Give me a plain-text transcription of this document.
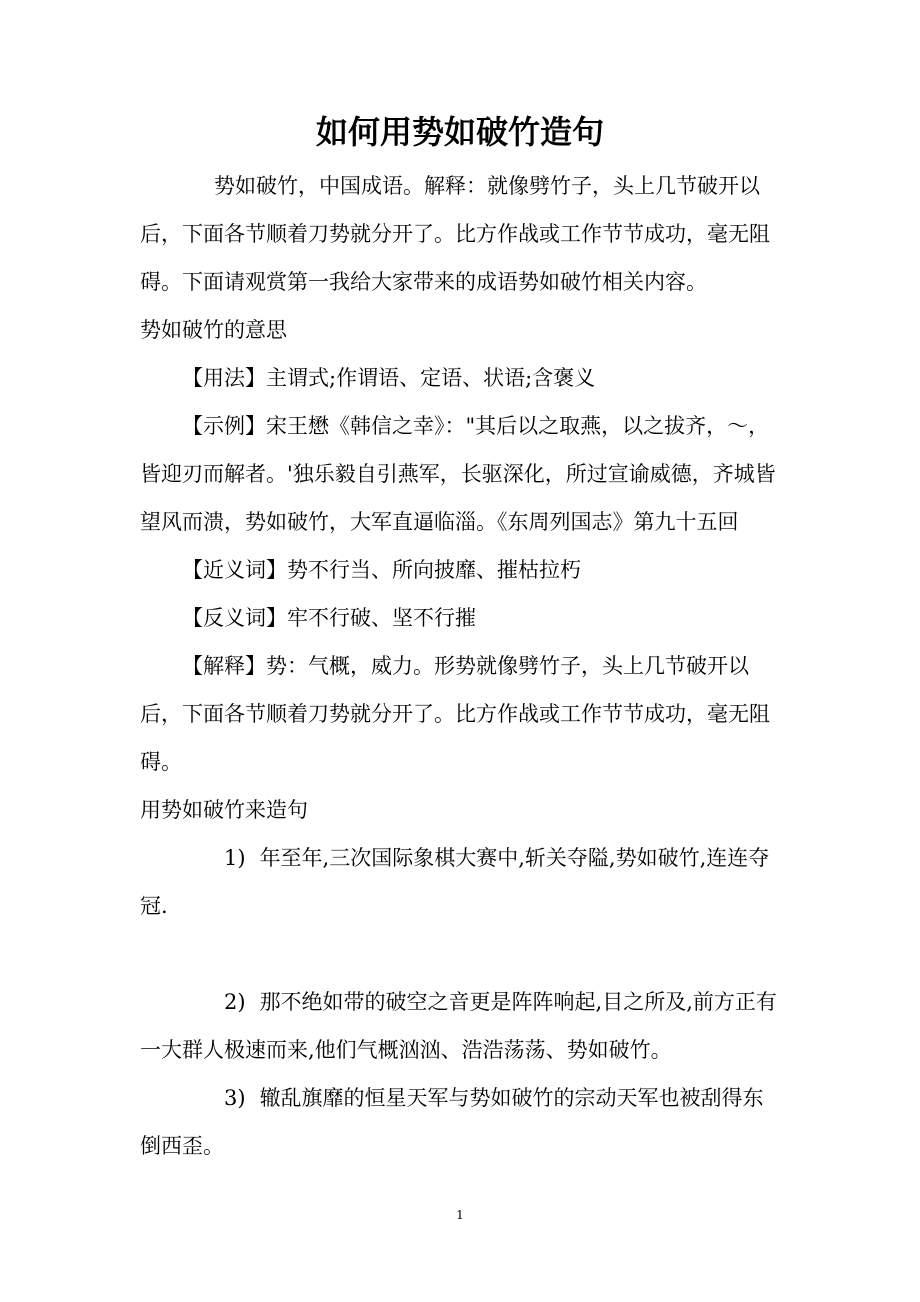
如何用势如破竹造句

势如破竹，中国成语。解释：就像劈竹子，头上几节破开以后，下面各节顺着刀势就分开了。比方作战或工作节节成功，毫无阻碍。下面请观赏第一我给大家带来的成语势如破竹相关内容。

势如破竹的意思

【用法】主谓式;作谓语、定语、状语;含褒义

【示例】宋王懋《韩信之幸》："其后以之取燕，以之拔齐，～，皆迎刃而解者。'独乐毅自引燕军，长驱深化，所过宣谕威德，齐城皆望风而溃，势如破竹，大军直逼临淄。《东周列国志》第九十五回

【近义词】势不行当、所向披靡、摧枯拉朽

【反义词】牢不行破、坚不行摧

【解释】势：气概，威力。形势就像劈竹子，头上几节破开以后，下面各节顺着刀势就分开了。比方作战或工作节节成功，毫无阻碍。

用势如破竹来造句

1) 年至年,三次国际象棋大赛中,斩关夺隘,势如破竹,连连夺冠.

2) 那不绝如带的破空之音更是阵阵响起,目之所及,前方正有一大群人极速而来,他们气概汹汹、浩浩荡荡、势如破竹。

3) 辙乱旗靡的恒星天军与势如破竹的宗动天军也被刮得东倒西歪。

1
